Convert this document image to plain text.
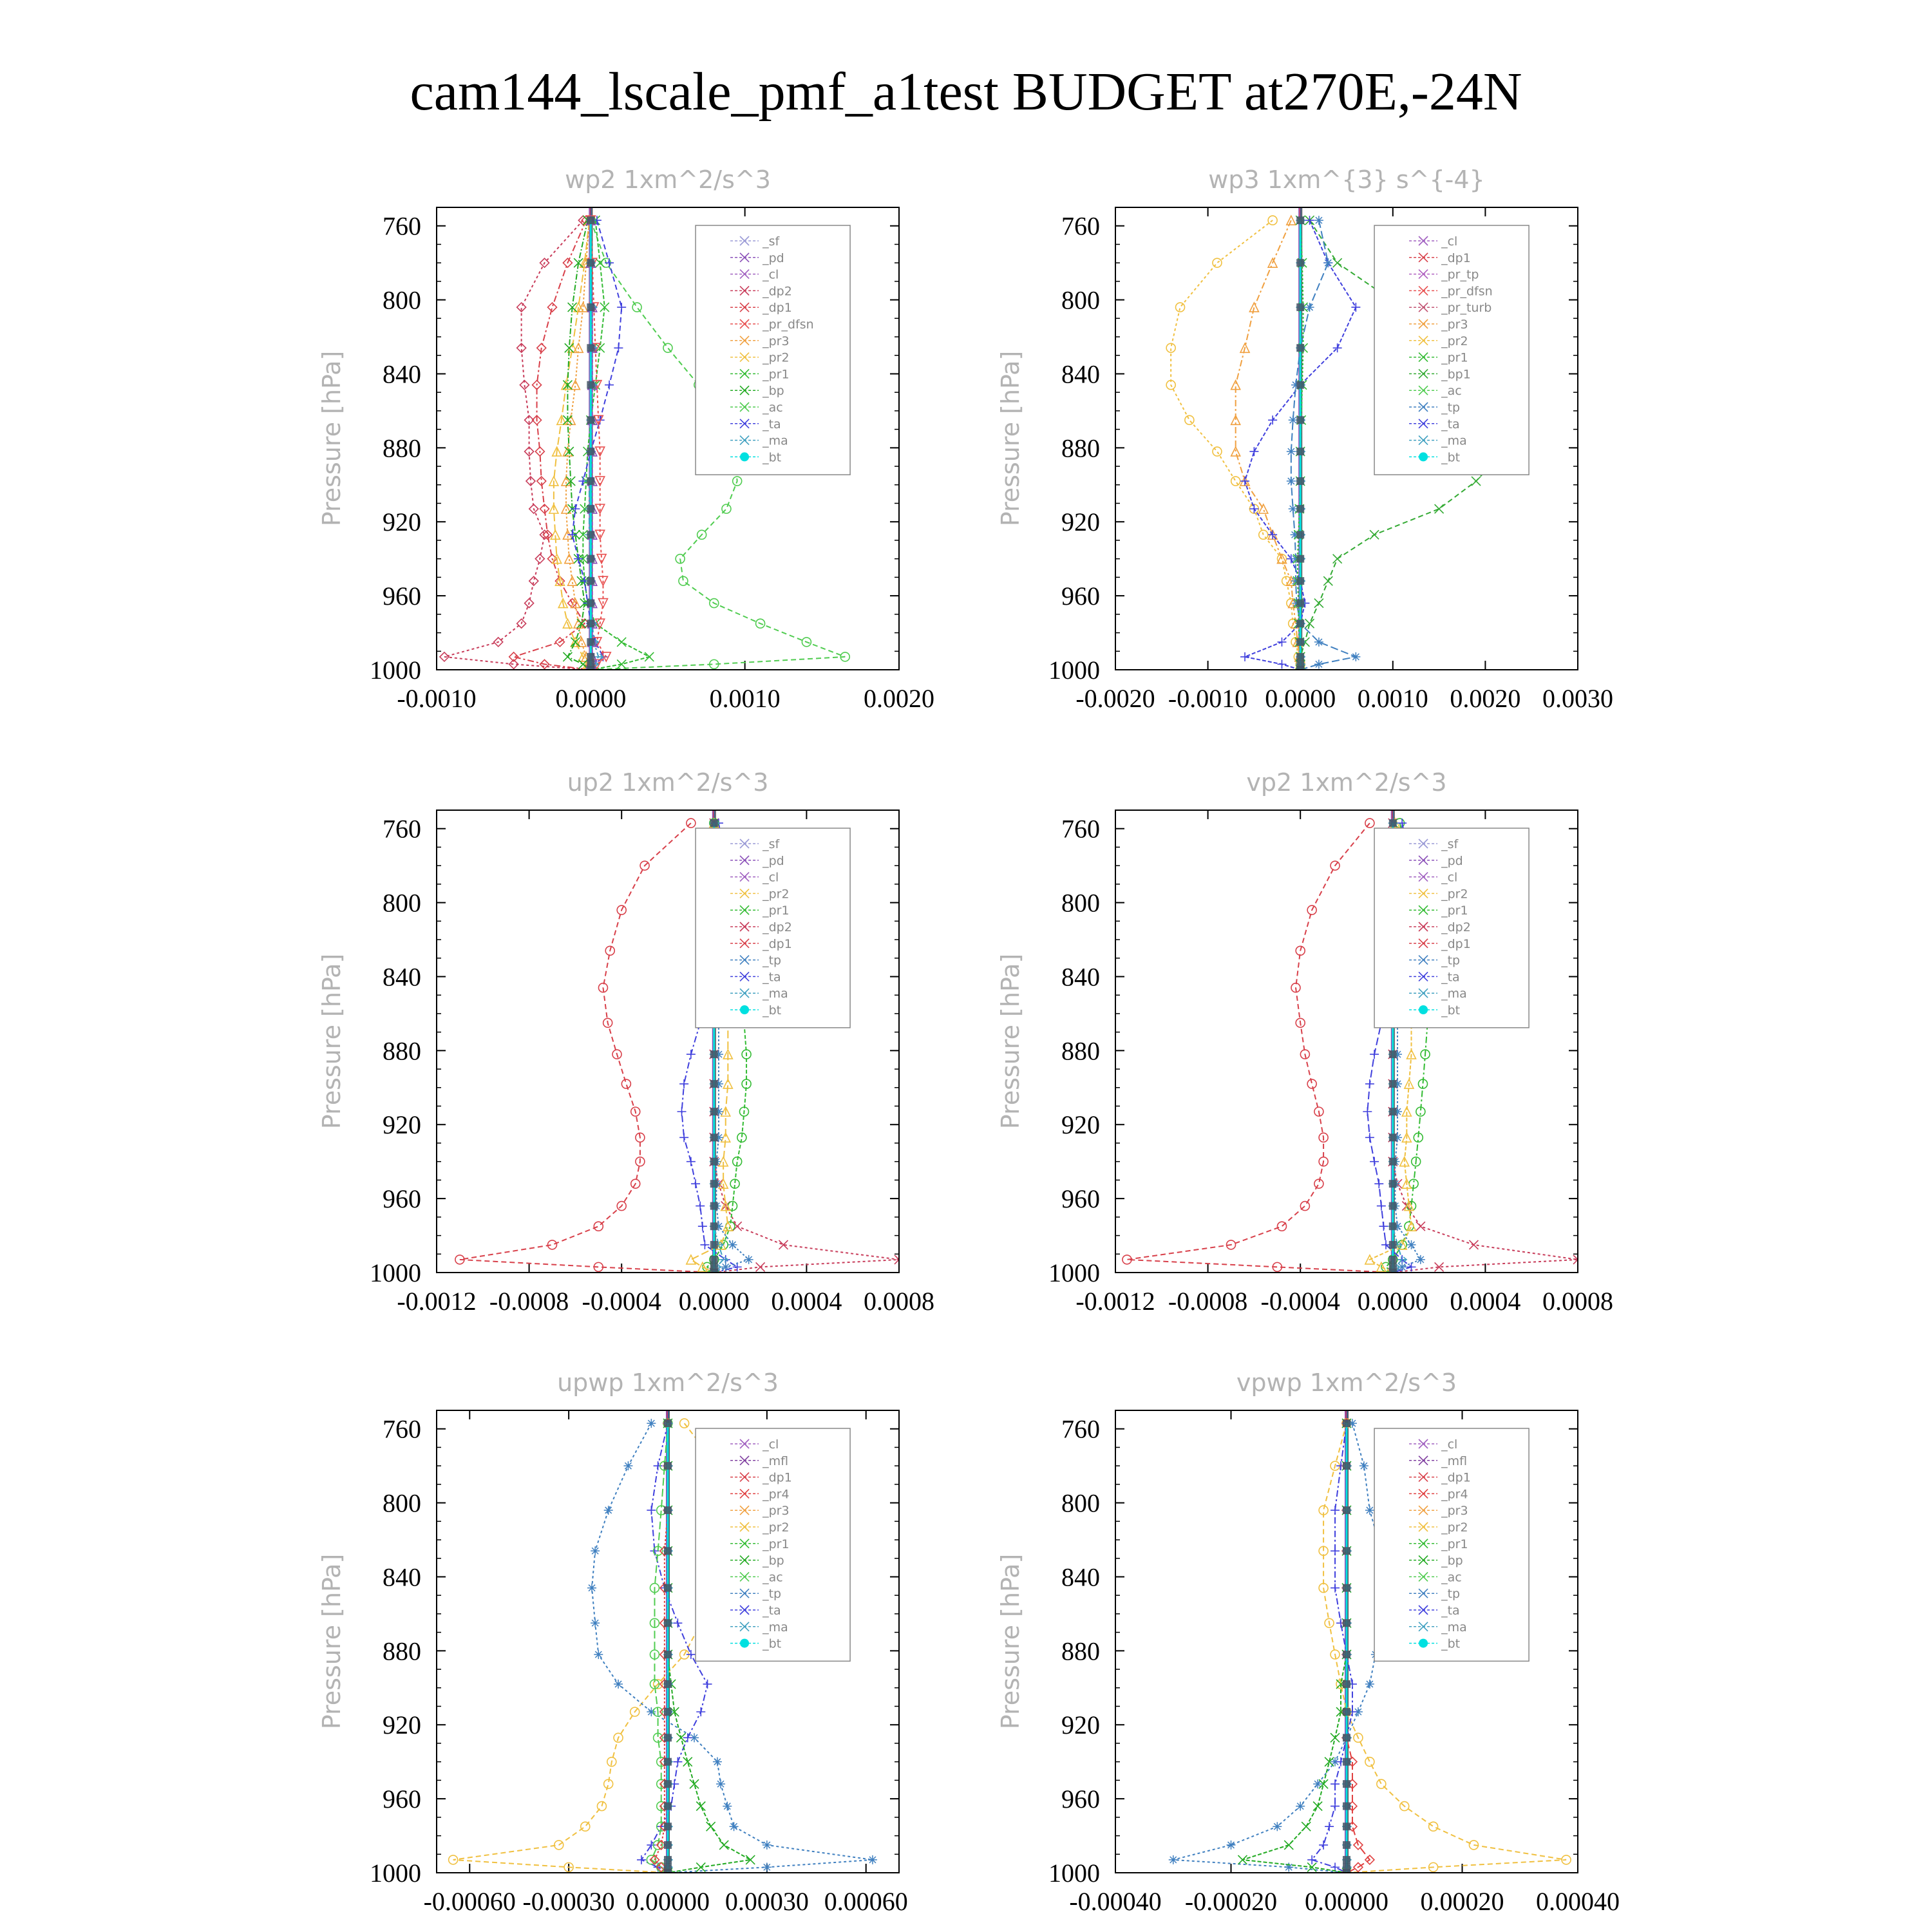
cam144_lscale_pmf_a1test BUDGET at270E,-24N
wp2 1xm^2/s^3
Pressure [hPa]
760
800
840
880
920
960
1000
-0.0010	0.0000	0.0010	0.0020
_sf
_pd
_cl
_dp2
_dp1
_pr_dfsn
_pr3
_pr2
_pr1
_bp
_ac
_ta
_ma
_bt
wp3 1xm^{3} s^{-4}
Pressure [hPa]
760
800
840
880
920
960
1000
-0.0020 -0.0010 0.0000 0.0010 0.0020 0.0030
_cl
_dp1
_pr_tp
_pr_dfsn
_pr_turb
_pr3
_pr2
_pr1
_bp1
_ac
_tp
_ta
_ma
_bt
up2 1xm^2/s^3
Pressure [hPa]
760
800
840
880
920
960
1000
-0.0012 -0.0008 -0.0004 0.0000 0.0004 0.0008
_sf
_pd
_cl
_pr2
_pr1
_dp2
_dp1
_tp
_ta
_ma
_bt
vp2 1xm^2/s^3
Pressure [hPa]
760
800
840
880
920
960
1000
-0.0012 -0.0008 -0.0004 0.0000 0.0004 0.0008
_sf
_pd
_cl
_pr2
_pr1
_dp2
_dp1
_tp
_ta
_ma
_bt
upwp 1xm^2/s^3
Pressure [hPa]
760
800
840
880
920
960
1000
-0.00060 -0.00030 0.00000 0.00030 0.00060
_cl
_mfl
_dp1
_pr4
_pr3
_pr2
_pr1
_bp
_ac
_tp
_ta
_ma
_bt
vpwp 1xm^2/s^3
Pressure [hPa]
760
800
840
880
920
960
1000
-0.00040 -0.00020 0.00000 0.00020 0.00040
_cl
_mfl
_dp1
_pr4
_pr3
_pr2
_pr1
_bp
_ac
_tp
_ta
_ma
_bt
